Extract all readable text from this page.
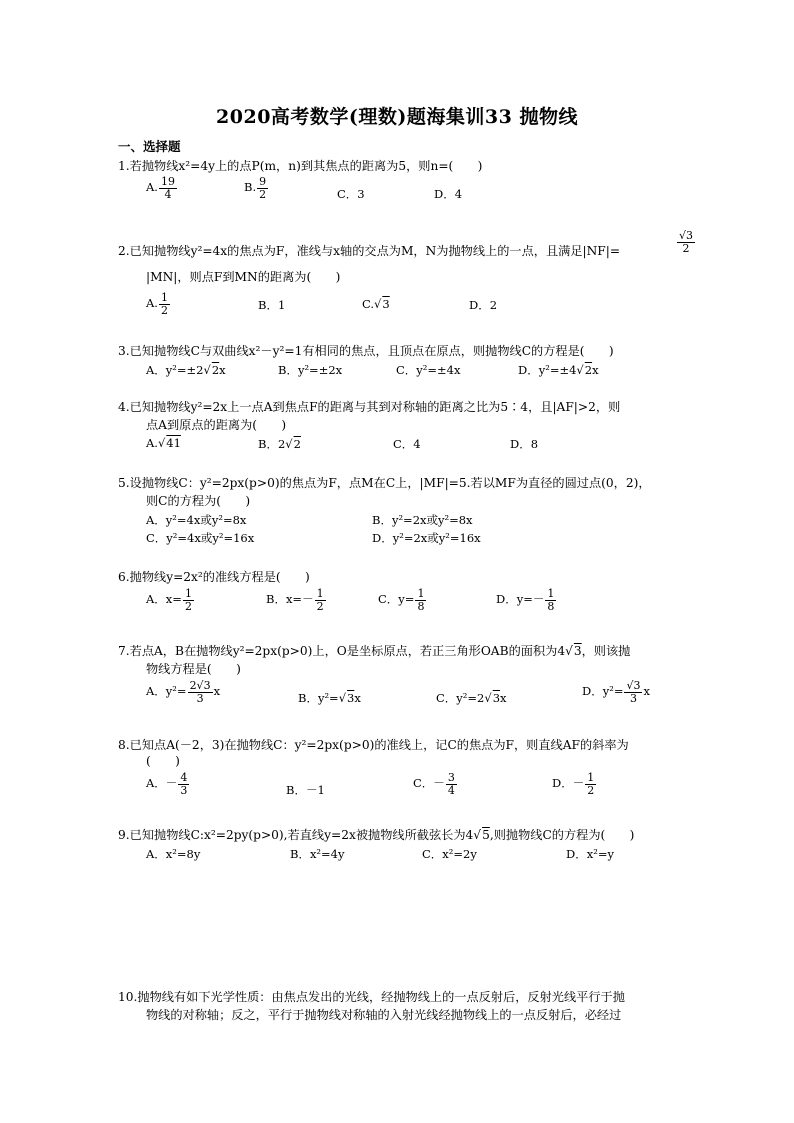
2020高考数学(理数)题海集训33 抛物线
一、选择题
1.若抛物线x²=4y上的点P(m，n)到其焦点的距离为5，则n=(　　)
A. $\frac{19}{4}$	B. $\frac{9}{2}$	C．3	D．4
2.已知抛物线y²=4x的焦点为F，准线与x轴的交点为M，N为抛物线上的一点，且满足|NF|=	$\frac{√3}{2}$
|MN|，则点F到MN的距离为(　　)
A. $\frac{1}{2}$	B．1	C.√3	D．2
3.已知抛物线C与双曲线x²－y²=1有相同的焦点，且顶点在原点，则抛物线C的方程是(　　)
A．y²=±2√2x	B．y²=±2x	C．y²=±4x	D．y²=±4√2x
4.已知抛物线y²=2x上一点A到焦点F的距离与其到对称轴的距离之比为5∶4，且|AF|>2，则
点A到原点的距离为(　　)
A.√41	B．2√2	C．4	D．8
5.设抛物线C：y²=2px(p>0)的焦点为F，点M在C上，|MF|=5.若以MF为直径的圆过点(0，2)，
则C的方程为(　　)
A．y²=4x或y²=8x	B．y²=2x或y²=8x
C．y²=4x或y²=16x	D．y²=2x或y²=16x
6.抛物线y=2x²的准线方程是(　　)
A．$x= \frac{1}{2}$	B．$x=- \frac{1}{2}$	C．$y= \frac{1}{8}$	D．$y=- \frac{1}{8}$
7.若点A，B在抛物线y²=2px(p>0)上，O是坐标原点，若正三角形OAB的面积为4√3，则该抛
物线方程是(　　)
A．$y^2= \frac{2√3}{3}$ x	B．y²=√3x	C．y²=2√3x	D．$y^2= \frac{√3}{3}$ x
8.已知点A(－2，3)在抛物线C：y²=2px(p>0)的准线上，记C的焦点为F，则直线AF的斜率为
(　　)
A．－ $\frac{4}{3}$	B．－1	C．－ $\frac{3}{4}$	D．－ $\frac{1}{2}$
9.已知抛物线C:x²=2py(p>0),若直线y=2x被抛物线所截弦长为4√5,则抛物线C的方程为(　　)
A．x²=8y	B．x²=4y	C．x²=2y	D．x²=y
10.抛物线有如下光学性质：由焦点发出的光线，经抛物线上的一点反射后，反射光线平行于抛
物线的对称轴；反之，平行于抛物线对称轴的入射光线经抛物线上的一点反射后，必经过
